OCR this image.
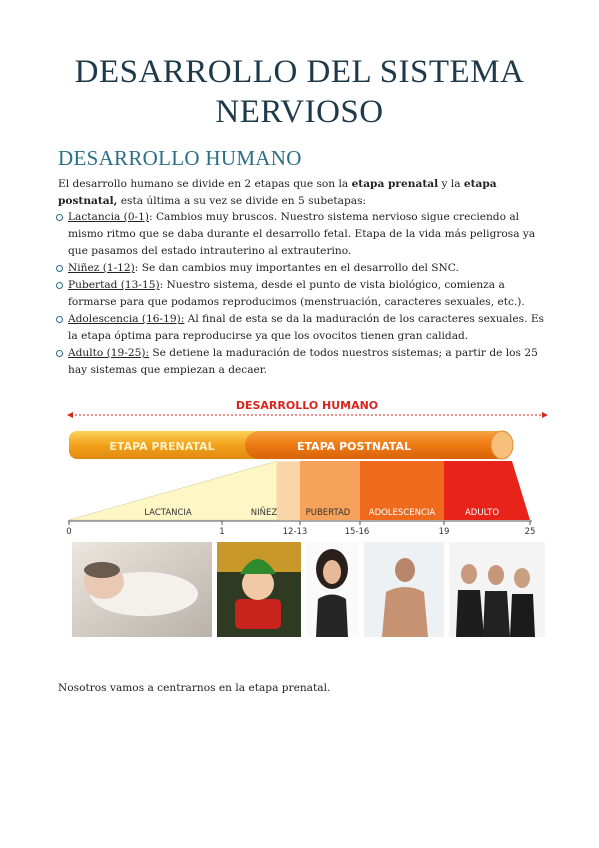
DESARROLLO DEL SISTEMA NERVIOSO
DESARROLLO HUMANO
El desarrollo humano se divide en 2 etapas que son la etapa prenatal y la etapa postnatal, esta última a su vez se divide en 5 subetapas:
Lactancia (0-1): Cambios muy bruscos. Nuestro sistema nervioso sigue creciendo al mismo ritmo que se daba durante el desarrollo fetal. Etapa de la vida más peligrosa ya que pasamos del estado intrauterino al extrauterino.
Niñez (1-12): Se dan cambios muy importantes en el desarrollo del SNC.
Pubertad (13-15): Nuestro sistema, desde el punto de vista biológico, comienza a formarse para que podamos reproducimos (menstruación, caracteres sexuales, etc.).
Adolescencia (16-19): Al final de esta se da la maduración de los caracteres sexuales. Es la etapa óptima para reproducirse ya que los ovocitos tienen gran calidad.
Adulto (19-25): Se detiene la maduración de todos nuestros sistemas; a partir de los 25 hay sistemas que empiezan a decaer.
DESARROLLO HUMANO
ETAPA PRENATAL	ETAPA POSTNATAL
LACTANCIA	NIÑEZ	PUBERTAD ADOLESCENCIA	ADULTO
0	1	12-13	15-16	19	25
Nosotros vamos a centrarnos en la etapa prenatal.
